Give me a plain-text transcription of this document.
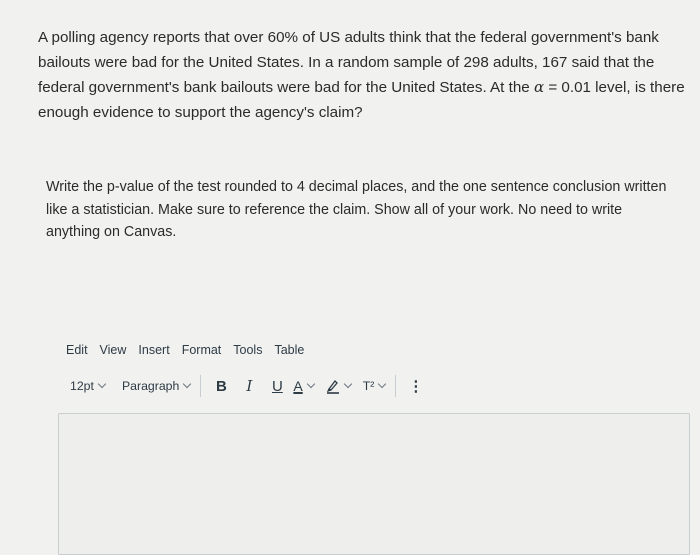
A polling agency reports that over 60% of US adults think that the federal government's bank bailouts were bad for the United States. In a random sample of 298 adults, 167 said that the federal government's bank bailouts were bad for the United States. At the α = 0.01 level, is there enough evidence to support the agency's claim?
Write the p-value of the test rounded to 4 decimal places, and the one sentence conclusion written like a statistician. Make sure to reference the claim. Show all of your work. No need to write anything on Canvas.
Edit View Insert Format Tools Table
12pt Paragraph	B	I	U A	T² ⋮
